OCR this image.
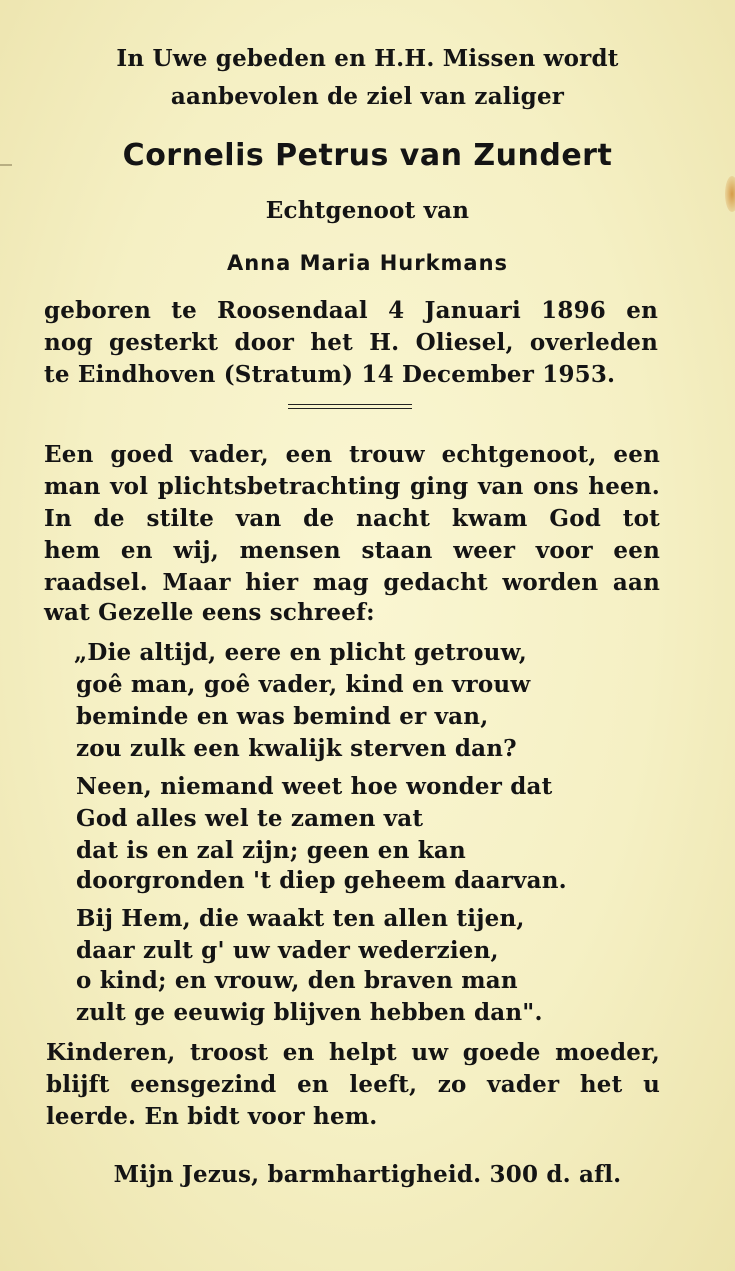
In Uwe gebeden en H.H. Missen wordt
aanbevolen de ziel van zaliger
Cornelis Petrus van Zundert
Echtgenoot van
Anna Maria Hurkmans
geboren te Roosendaal 4 Januari 1896 en
nog gesterkt door het H. Oliesel, overleden
te Eindhoven (Stratum) 14 December 1953.
Een goed vader, een trouw echtgenoot, een
man vol plichtsbetrachting ging van ons heen.
In de stilte van de nacht kwam God tot
hem en wij, mensen staan weer voor een
raadsel. Maar hier mag gedacht worden aan
wat Gezelle eens schreef:
„Die altijd, eere en plicht getrouw,
goê man, goê vader, kind en vrouw
beminde en was bemind er van,
zou zulk een kwalijk sterven dan?
Neen, niemand weet hoe wonder dat
God alles wel te zamen vat
dat is en zal zijn; geen en kan
doorgronden 't diep geheem daarvan.
Bij Hem, die waakt ten allen tijen,
daar zult g' uw vader wederzien,
o kind; en vrouw, den braven man
zult ge eeuwig blijven hebben dan".
Kinderen, troost en helpt uw goede moeder,
blijft eensgezind en leeft, zo vader het u
leerde. En bidt voor hem.
Mijn Jezus, barmhartigheid. 300 d. afl.
